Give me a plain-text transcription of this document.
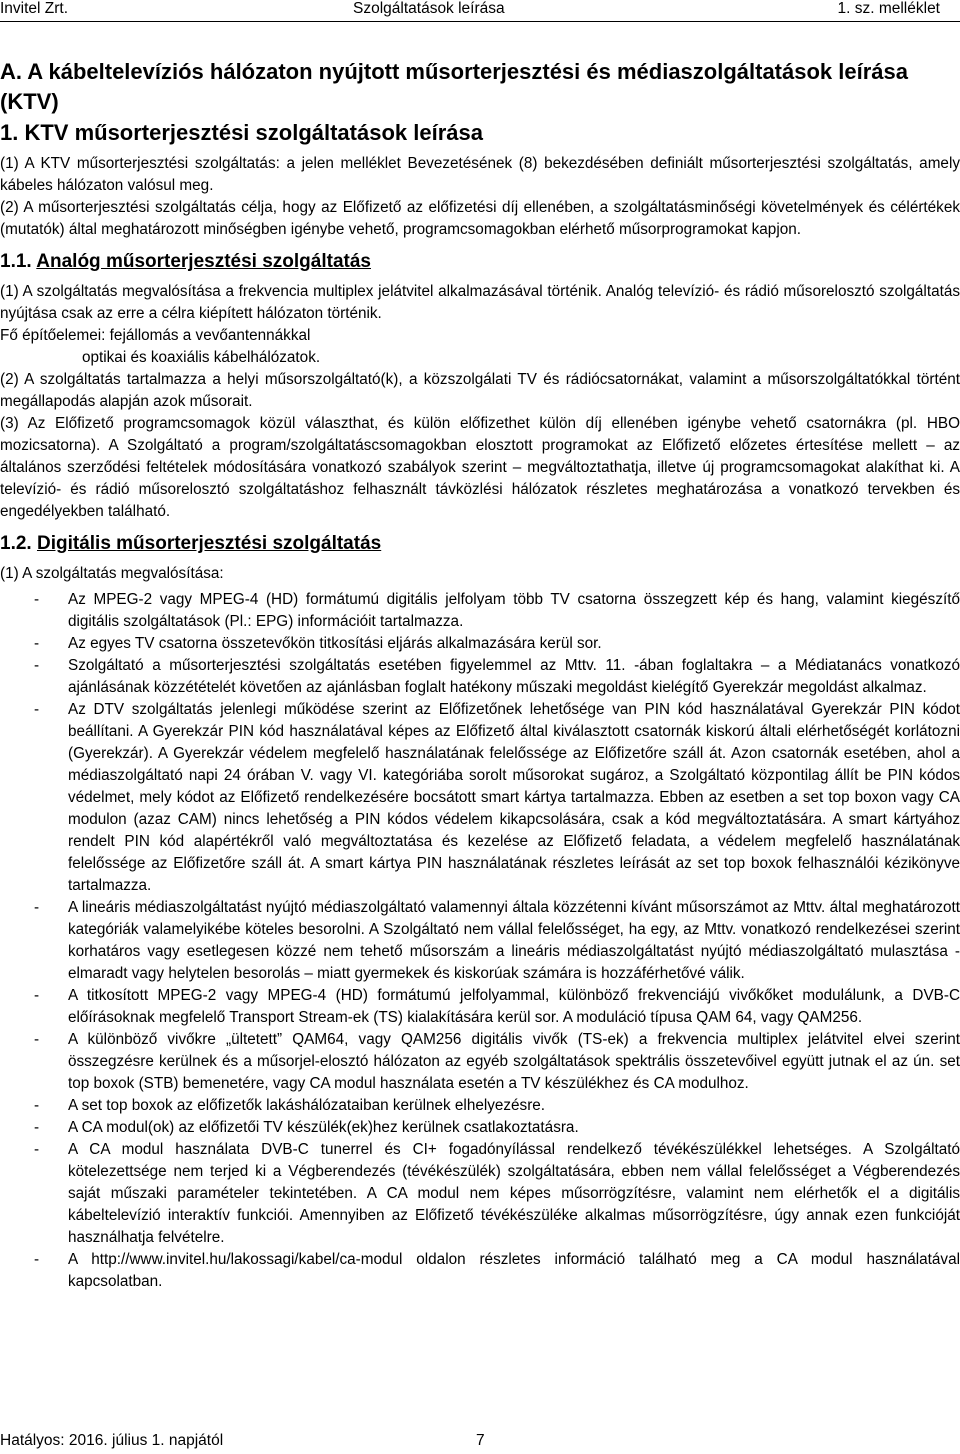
Invitel Zrt.	Szolgáltatások leírása	1. sz. melléklet
A. A kábeltelevíziós hálózaton nyújtott műsorterjesztési és médiaszolgáltatások leírása (KTV)
1. KTV műsorterjesztési szolgáltatások leírása

(1) A KTV műsorterjesztési szolgáltatás: a jelen melléklet Bevezetésének (8) bekezdésében definiált műsorterjesztési szolgáltatás, amely kábeles hálózaton valósul meg.

(2) A műsorterjesztési szolgáltatás célja, hogy az Előfizető az előfizetési díj ellenében, a szolgáltatásminőségi követelmények és célértékek (mutatók) által meghatározott minőségben igénybe vehető, programcsomagokban elérhető műsorprogramokat kapjon.

1.1. Analóg műsorterjesztési szolgáltatás

(1) A szolgáltatás megvalósítása a frekvencia multiplex jelátvitel alkalmazásával történik. Analóg televízió- és rádió műsorelosztó szolgáltatás nyújtása csak az erre a célra kiépített hálózaton történik.

Fő építőelemei: fejállomás a vevőantennákkal

optikai és koaxiális kábelhálózatok.

(2) A szolgáltatás tartalmazza a helyi műsorszolgáltató(k), a közszolgálati TV és rádiócsatornákat, valamint a műsorszolgáltatókkal történt megállapodás alapján azok műsorait.

(3) Az Előfizető programcsomagok közül választhat, és külön előfizethet külön díj ellenében igénybe vehető csatornákra (pl. HBO mozicsatorna). A Szolgáltató a program/szolgáltatáscsomagokban elosztott programokat az Előfizető előzetes értesítése mellett – az általános szerződési feltételek módosítására vonatkozó szabályok szerint – megváltoztathatja, illetve új programcsomagokat alakíthat ki. A televízió- és rádió műsorelosztó szolgáltatáshoz felhasznált távközlési hálózatok részletes meghatározása a vonatkozó tervekben és engedélyekben található.

1.2. Digitális műsorterjesztési szolgáltatás

(1) A szolgáltatás megvalósítása:

- Az MPEG-2 vagy MPEG-4 (HD) formátumú digitális jelfolyam több TV csatorna összegzett kép és hang, valamint kiegészítő digitális szolgáltatások (Pl.: EPG) információit tartalmazza.
- Az egyes TV csatorna összetevőkön titkosítási eljárás alkalmazására kerül sor.
- Szolgáltató a műsorterjesztési szolgáltatás esetében figyelemmel az Mttv. 11. -ában foglaltakra – a Médiatanács vonatkozó ajánlásának közzétételét követően az ajánlásban foglalt hatékony műszaki megoldást kielégítő Gyerekzár megoldást alkalmaz.
- Az DTV szolgáltatás jelenlegi működése szerint az Előfizetőnek lehetősége van PIN kód használatával Gyerekzár PIN kódot beállítani. A Gyerekzár PIN kód használatával képes az Előfizető által kiválasztott csatornák kiskorú általi elérhetőségét korlátozni (Gyerekzár). A Gyerekzár védelem megfelelő használatának felelőssége az Előfizetőre száll át. Azon csatornák esetében, ahol a médiaszolgáltató napi 24 órában V. vagy VI. kategóriába sorolt műsorokat sugároz, a Szolgáltató központilag állít be PIN kódos védelmet, mely kódot az Előfizető rendelkezésére bocsátott smart kártya tartalmazza. Ebben az esetben a set top boxon vagy CA modulon (azaz CAM) nincs lehetőség a PIN kódos védelem kikapcsolására, csak a kód megváltoztatására. A smart kártyához rendelt PIN kód alapértékről való megváltoztatása és kezelése az Előfizető feladata, a védelem megfelelő használatának felelőssége az Előfizetőre száll át. A smart kártya PIN használatának részletes leírását az set top boxok felhasználói kézikönyve tartalmazza.
- A lineáris médiaszolgáltatást nyújtó médiaszolgáltató valamennyi általa közzétenni kívánt műsorszámot az Mttv. által meghatározott kategóriák valamelyikébe köteles besorolni. A Szolgáltató nem vállal felelősséget, ha egy, az Mttv. vonatkozó rendelkezései szerint korhatáros vagy esetlegesen közzé nem tehető műsorszám a lineáris médiaszolgáltatást nyújtó médiaszolgáltató mulasztása - elmaradt vagy helytelen besorolás – miatt gyermekek és kiskorúak számára is hozzáférhetővé válik.
- A titkosított MPEG-2 vagy MPEG-4 (HD) formátumú jelfolyammal, különböző frekvenciájú vivőkőket modulálunk, a DVB-C előírásoknak megfelelő Transport Stream-ek (TS) kialakítására kerül sor. A moduláció típusa QAM 64, vagy QAM256.
- A különböző vivőkre „ültetett” QAM64, vagy QAM256 digitális vivők (TS-ek) a frekvencia multiplex jelátvitel elvei szerint összegzésre kerülnek és a műsorjel-elosztó hálózaton az egyéb szolgáltatások spektrális összetevőivel együtt jutnak el az ún. set top boxok (STB) bemenetére, vagy CA modul használata esetén a TV készülékhez és CA modulhoz.
- A set top boxok az előfizetők lakáshálózataiban kerülnek elhelyezésre.
- A CA modul(ok) az előfizetői TV készülék(ek)hez kerülnek csatlakoztatásra.
- A CA modul használata DVB-C tunerrel és CI+ fogadónyílással rendelkező tévékészülékkel lehetséges. A Szolgáltató kötelezettsége nem terjed ki a Végberendezés (tévékészülék) szolgáltatására, ebben nem vállal felelősséget a Végberendezés saját műszaki paramételer tekintetében. A CA modul nem képes műsorrögzítésre, valamint nem elérhetők el a digitális kábeltelevízió interaktív funkciói. Amennyiben az Előfizető tévékészüléke alkalmas műsorrögzítésre, úgy annak ezen funkcióját használhatja felvételre.
- A http://www.invitel.hu/lakossagi/kabel/ca-modul oldalon részletes információ található meg a CA modul használatával kapcsolatban.
Hatályos: 2016. július 1. napjától	7
